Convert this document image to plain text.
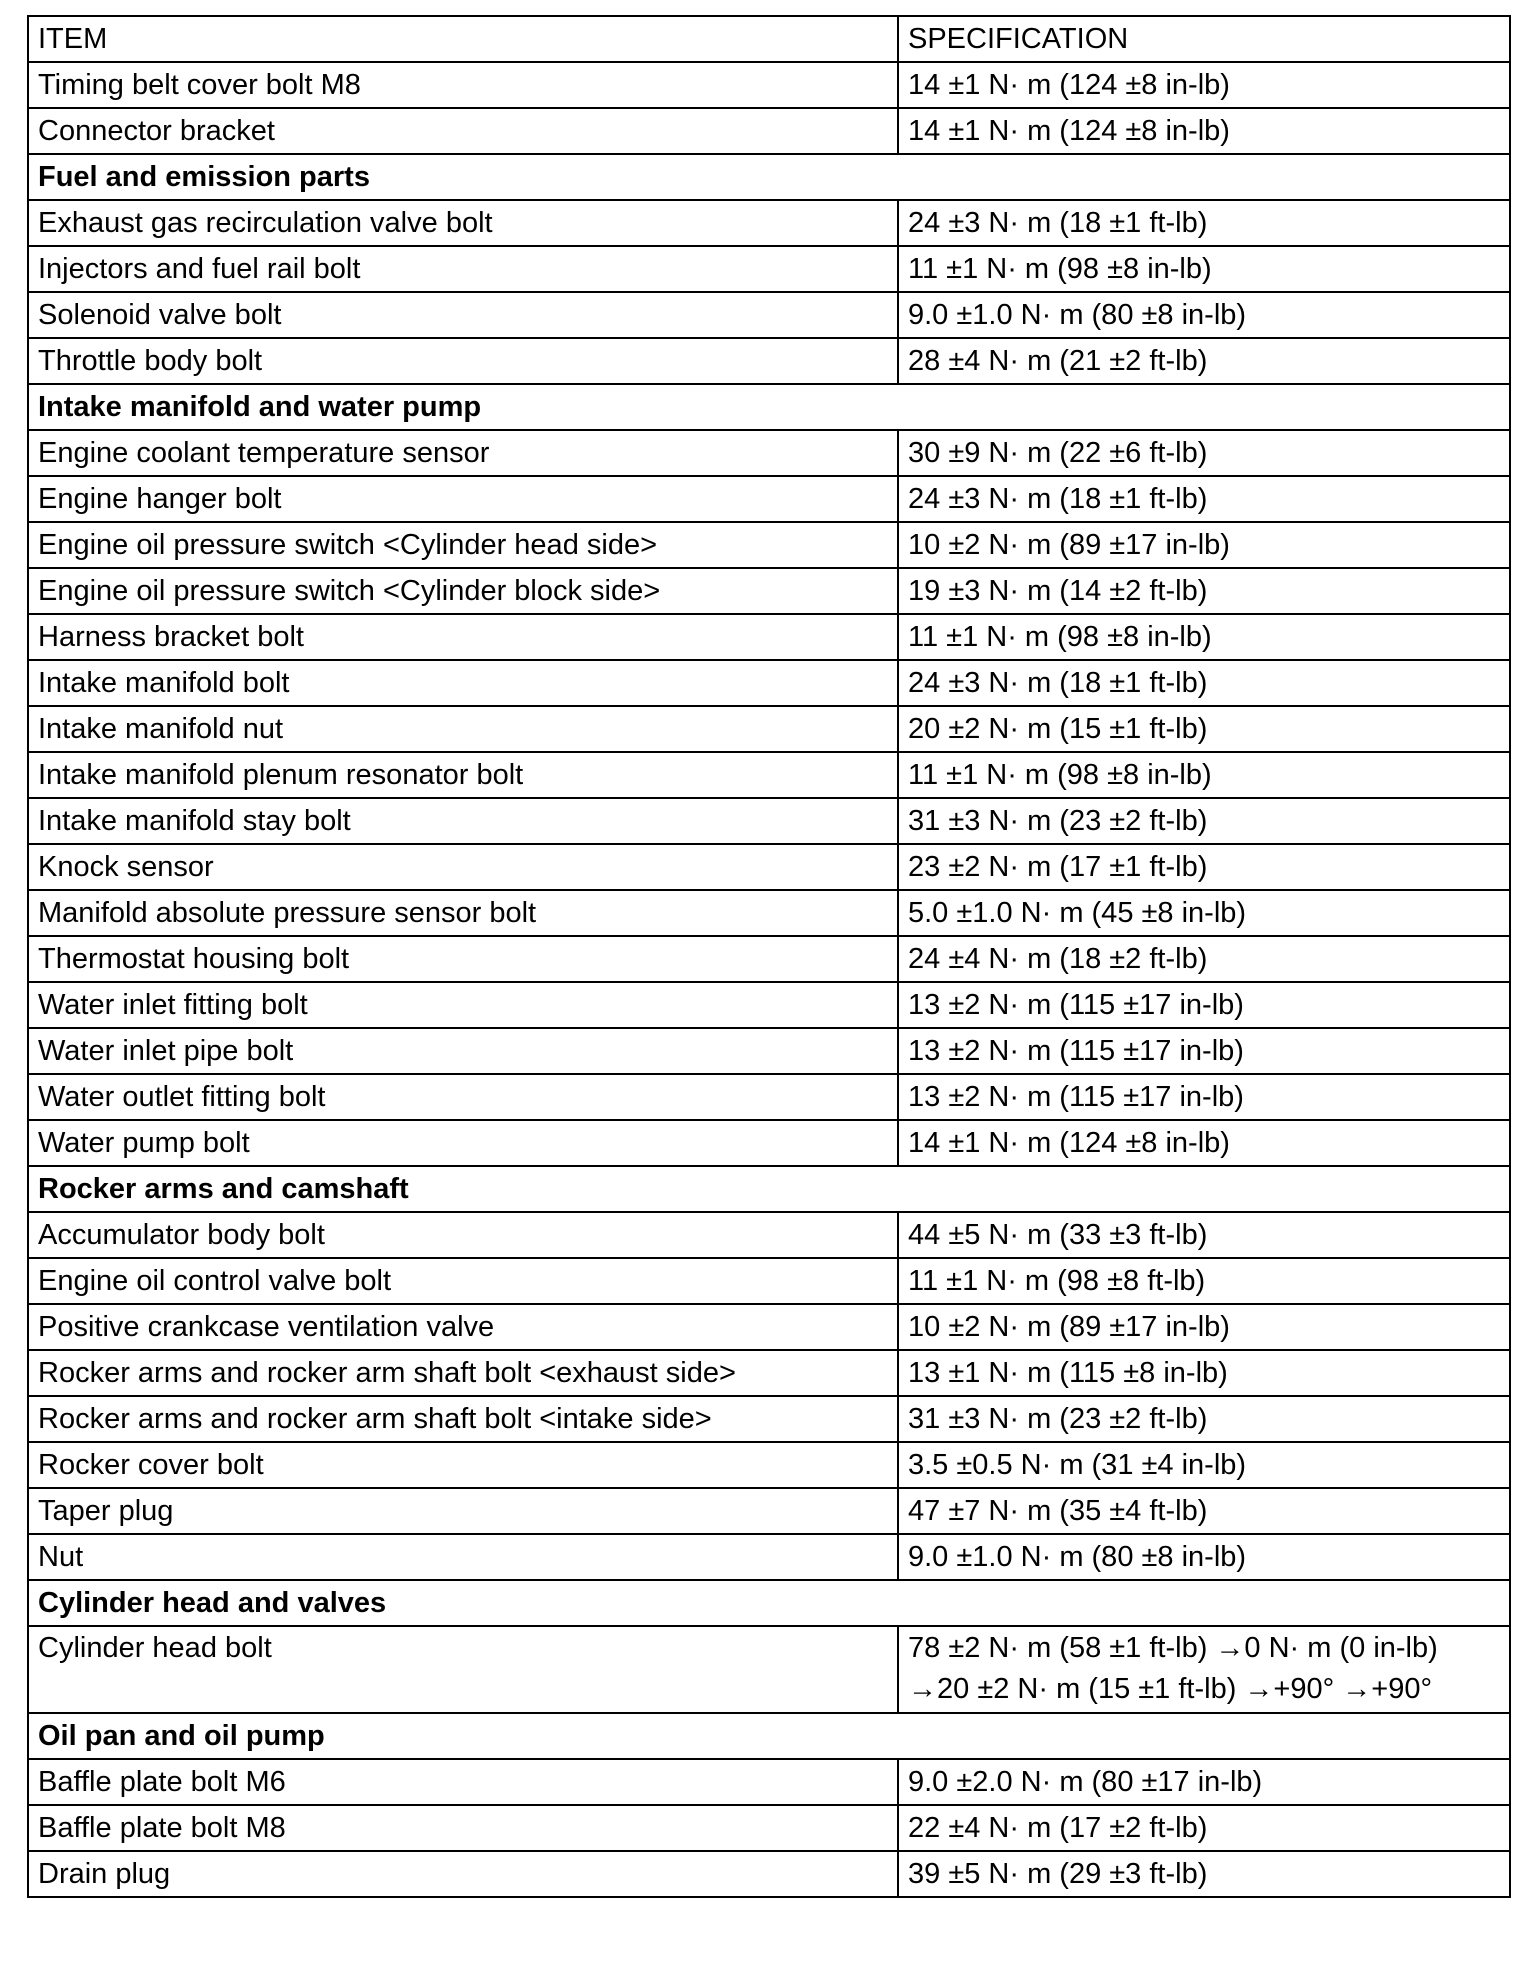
ITEM	SPECIFICATION
Timing belt cover bolt M8	14 ±1 N· m (124 ±8 in-lb)
Connector bracket	14 ±1 N· m (124 ±8 in-lb)
Fuel and emission parts	
Exhaust gas recirculation valve bolt	24 ±3 N· m (18 ±1 ft-lb)
Injectors and fuel rail bolt	11 ±1 N· m (98 ±8 in-lb)
Solenoid valve bolt	9.0 ±1.0 N· m (80 ±8 in-lb)
Throttle body bolt	28 ±4 N· m (21 ±2 ft-lb)
Intake manifold and water pump	
Engine coolant temperature sensor	30 ±9 N· m (22 ±6 ft-lb)
Engine hanger bolt	24 ±3 N· m (18 ±1 ft-lb)
Engine oil pressure switch <Cylinder head side>	10 ±2 N· m (89 ±17 in-lb)
Engine oil pressure switch <Cylinder block side>	19 ±3 N· m (14 ±2 ft-lb)
Harness bracket bolt	11 ±1 N· m (98 ±8 in-lb)
Intake manifold bolt	24 ±3 N· m (18 ±1 ft-lb)
Intake manifold nut	20 ±2 N· m (15 ±1 ft-lb)
Intake manifold plenum resonator bolt	11 ±1 N· m (98 ±8 in-lb)
Intake manifold stay bolt	31 ±3 N· m (23 ±2 ft-lb)
Knock sensor	23 ±2 N· m (17 ±1 ft-lb)
Manifold absolute pressure sensor bolt	5.0 ±1.0 N· m (45 ±8 in-lb)
Thermostat housing bolt	24 ±4 N· m (18 ±2 ft-lb)
Water inlet fitting bolt	13 ±2 N· m (115 ±17 in-lb)
Water inlet pipe bolt	13 ±2 N· m (115 ±17 in-lb)
Water outlet fitting bolt	13 ±2 N· m (115 ±17 in-lb)
Water pump bolt	14 ±1 N· m (124 ±8 in-lb)
Rocker arms and camshaft	
Accumulator body bolt	44 ±5 N· m (33 ±3 ft-lb)
Engine oil control valve bolt	11 ±1 N· m (98 ±8 ft-lb)
Positive crankcase ventilation valve	10 ±2 N· m (89 ±17 in-lb)
Rocker arms and rocker arm shaft bolt <exhaust side>	13 ±1 N· m (115 ±8 in-lb)
Rocker arms and rocker arm shaft bolt <intake side>	31 ±3 N· m (23 ±2 ft-lb)
Rocker cover bolt	3.5 ±0.5 N· m (31 ±4 in-lb)
Taper plug	47 ±7 N· m (35 ±4 ft-lb)
Nut	9.0 ±1.0 N· m (80 ±8 in-lb)
Cylinder head and valves	
Cylinder head bolt	78 ±2 N· m (58 ±1 ft-lb) →0 N· m (0 in-lb)
→20 ±2 N· m (15 ±1 ft-lb) →+90° →+90°

Oil pan and oil pump	
Baffle plate bolt M6	9.0 ±2.0 N· m (80 ±17 in-lb)
Baffle plate bolt M8	22 ±4 N· m (17 ±2 ft-lb)
Drain plug	39 ±5 N· m (29 ±3 ft-lb)
